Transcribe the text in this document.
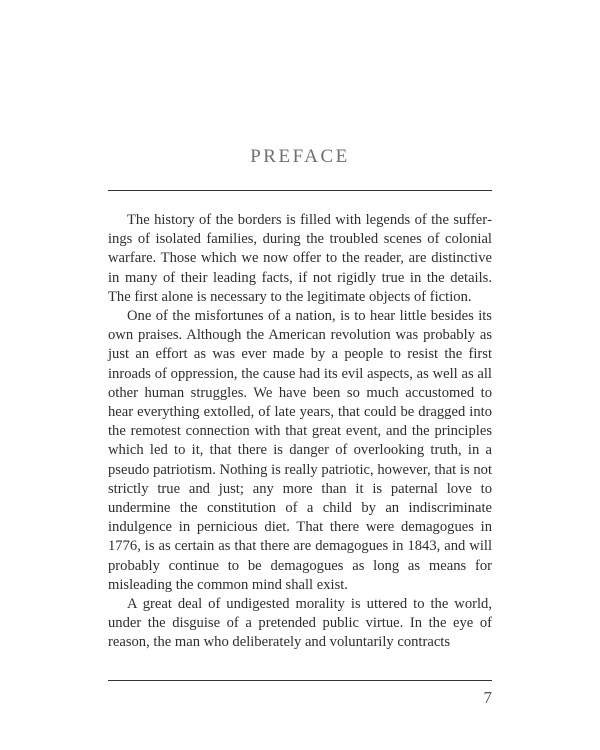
PREFACE

The history of the borders is filled with legends of the sufferings of isolated families, during the troubled scenes of colonial warfare. Those which we now offer to the reader, are distinctive in many of their leading facts, if not rigidly true in the details. The first alone is necessary to the legitimate objects of fiction.

One of the misfortunes of a nation, is to hear little besides its own praises. Although the American revolution was probably as just an effort as was ever made by a people to resist the first inroads of oppression, the cause had its evil aspects, as well as all other human struggles. We have been so much accustomed to hear everything extolled, of late years, that could be dragged into the remotest connection with that great event, and the principles which led to it, that there is danger of overlooking truth, in a pseudo patriotism. Nothing is really patriotic, however, that is not strictly true and just; any more than it is paternal love to undermine the constitution of a child by an indiscriminate indulgence in pernicious diet. That there were demagogues in 1776, is as certain as that there are demagogues in 1843, and will probably continue to be demagogues as long as means for misleading the common mind shall exist.

A great deal of undigested morality is uttered to the world, under the disguise of a pretended public virtue. In the eye of reason, the man who deliberately and voluntarily contracts

7
